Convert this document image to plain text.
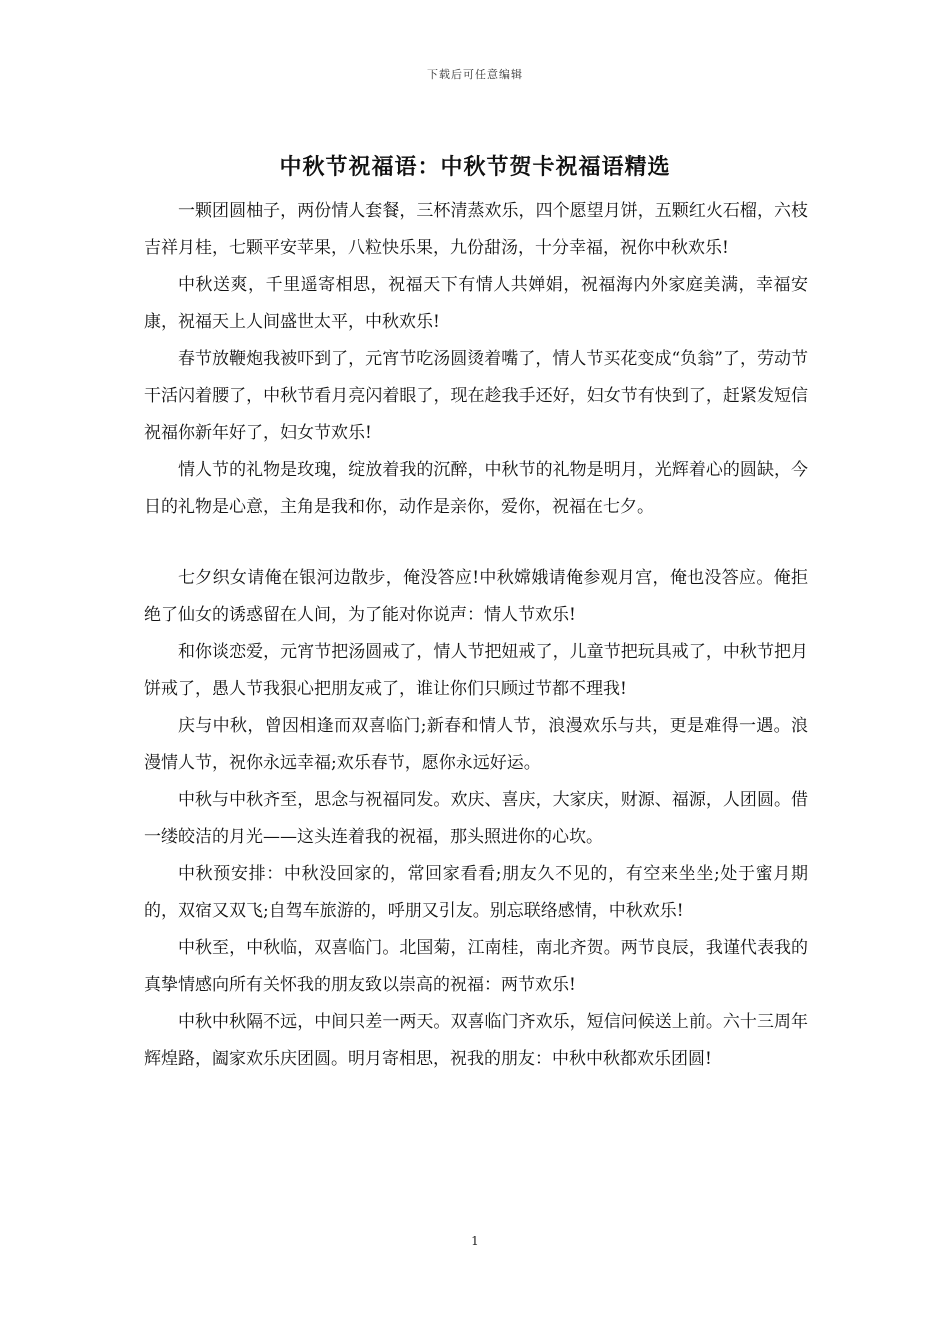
下载后可任意编辑
中秋节祝福语：中秋节贺卡祝福语精选

一颗团圆柚子，两份情人套餐，三杯清蒸欢乐，四个愿望月饼，五颗红火石榴，六枝吉祥月桂，七颗平安苹果，八粒快乐果，九份甜汤，十分幸福，祝你中秋欢乐!

中秋送爽，千里遥寄相思，祝福天下有情人共婵娟，祝福海内外家庭美满，幸福安康，祝福天上人间盛世太平，中秋欢乐!

春节放鞭炮我被吓到了，元宵节吃汤圆烫着嘴了，情人节买花变成“负翁”了，劳动节干活闪着腰了，中秋节看月亮闪着眼了，现在趁我手还好，妇女节有快到了，赶紧发短信祝福你新年好了，妇女节欢乐!

情人节的礼物是玫瑰，绽放着我的沉醉，中秋节的礼物是明月，光辉着心的圆缺，今日的礼物是心意，主角是我和你，动作是亲你，爱你，祝福在七夕。

七夕织女请俺在银河边散步，俺没答应!中秋嫦娥请俺参观月宫，俺也没答应。俺拒绝了仙女的诱惑留在人间，为了能对你说声：情人节欢乐!

和你谈恋爱，元宵节把汤圆戒了，情人节把妞戒了，儿童节把玩具戒了，中秋节把月饼戒了，愚人节我狠心把朋友戒了，谁让你们只顾过节都不理我!

庆与中秋，曾因相逢而双喜临门;新春和情人节，浪漫欢乐与共，更是难得一遇。浪漫情人节，祝你永远幸福;欢乐春节，愿你永远好运。

中秋与中秋齐至，思念与祝福同发。欢庆、喜庆，大家庆，财源、福源，人团圆。借一缕皎洁的月光——这头连着我的祝福，那头照进你的心坎。

中秋预安排：中秋没回家的，常回家看看;朋友久不见的，有空来坐坐;处于蜜月期的，双宿又双飞;自驾车旅游的，呼朋又引友。别忘联络感情，中秋欢乐!

中秋至，中秋临，双喜临门。北国菊，江南桂，南北齐贺。两节良辰，我谨代表我的真挚情感向所有关怀我的朋友致以崇高的祝福：两节欢乐!

中秋中秋隔不远，中间只差一两天。双喜临门齐欢乐，短信问候送上前。六十三周年辉煌路，阖家欢乐庆团圆。明月寄相思，祝我的朋友：中秋中秋都欢乐团圆!

1
